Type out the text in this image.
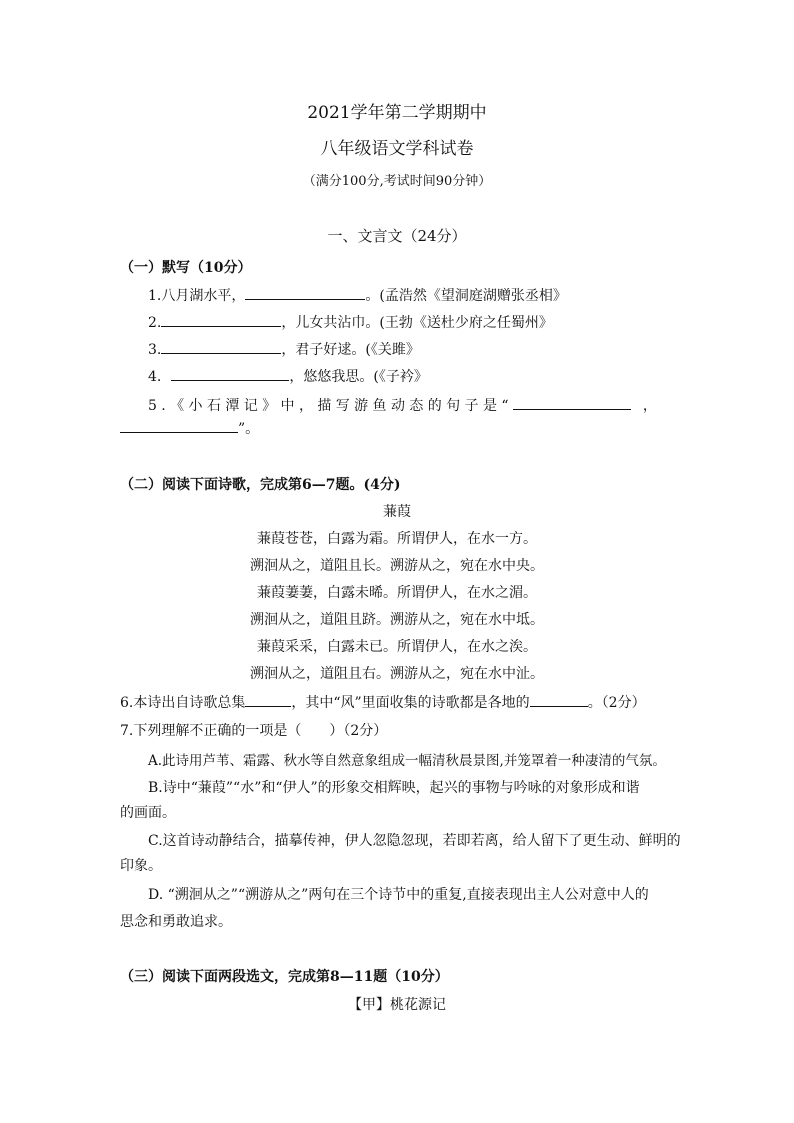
2021学年第二学期期中
八年级语文学科试卷
（满分100分,考试时间90分钟）
一、文言文（24分）
（一）默写（10分）
1.八月湖水平，	。(孟浩然《望洞庭湖赠张丞相》
2.	，儿女共沾巾。(王勃《送杜少府之任蜀州》
3.	，君子好逑。(《关雎》
4.	，悠悠我思。(《子衿》
5.《小石潭记》中，描写游鱼动态的句子是“	，
”。
（二）阅读下面诗歌，完成第6—7题。(4分)
蒹葭
蒹葭苍苍，白露为霜。所谓伊人，在水一方。
溯洄从之，道阻且长。溯游从之，宛在水中央。
蒹葭萋萋，白露未晞。所谓伊人，在水之湄。
溯洄从之，道阻且跻。溯游从之，宛在水中坻。
蒹葭采采，白露未已。所谓伊人，在水之涘。
溯洄从之，道阻且右。溯游从之，宛在水中沚。
6.本诗出自诗歌总集	，其中“风”里面收集的诗歌都是各地的	。（2分）
7.下列理解不正确的一项是（　　）（2分）
A.此诗用芦苇、霜露、秋水等自然意象组成一幅清秋晨景图,并笼罩着一种凄清的气氛。
B.诗中“蒹葭”“水”和“伊人”的形象交相辉映，起兴的事物与吟咏的对象形成和谐
的画面。
C.这首诗动静结合，描摹传神，伊人忽隐忽现，若即若离，给人留下了更生动、鲜明的
印象。
D. “溯洄从之”“溯游从之”两句在三个诗节中的重复,直接表现出主人公对意中人的
思念和勇敢追求。
（三）阅读下面两段选文，完成第8—11题（10分）
【甲】桃花源记
